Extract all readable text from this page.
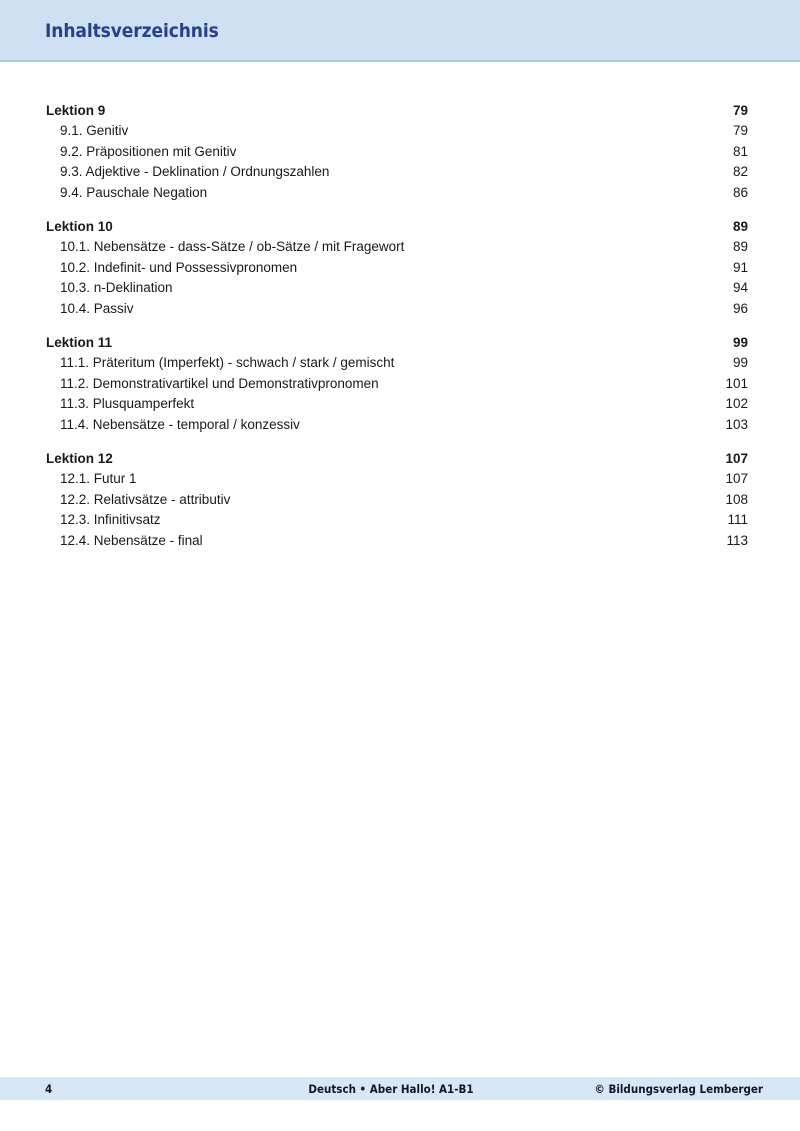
Inhaltsverzeichnis
Lektion 9	79
9.1. Genitiv	79
9.2. Präpositionen mit Genitiv	81
9.3. Adjektive - Deklination / Ordnungszahlen	82
9.4. Pauschale Negation	86
Lektion 10	89
10.1. Nebensätze - dass-Sätze / ob-Sätze / mit Fragewort	89
10.2. Indefinit- und Possessivpronomen	91
10.3. n-Deklination	94
10.4. Passiv	96
Lektion 11	99
11.1. Präteritum (Imperfekt) - schwach / stark / gemischt	99
11.2. Demonstrativartikel und Demonstrativpronomen	101
11.3. Plusquamperfekt	102
11.4. Nebensätze - temporal / konzessiv	103
Lektion 12	107
12.1. Futur 1	107
12.2. Relativsätze - attributiv	108
12.3. Infinitivsatz	111
12.4. Nebensätze - final	113
4	Deutsch • Aber Hallo! A1-B1	© Bildungsverlag Lemberger
